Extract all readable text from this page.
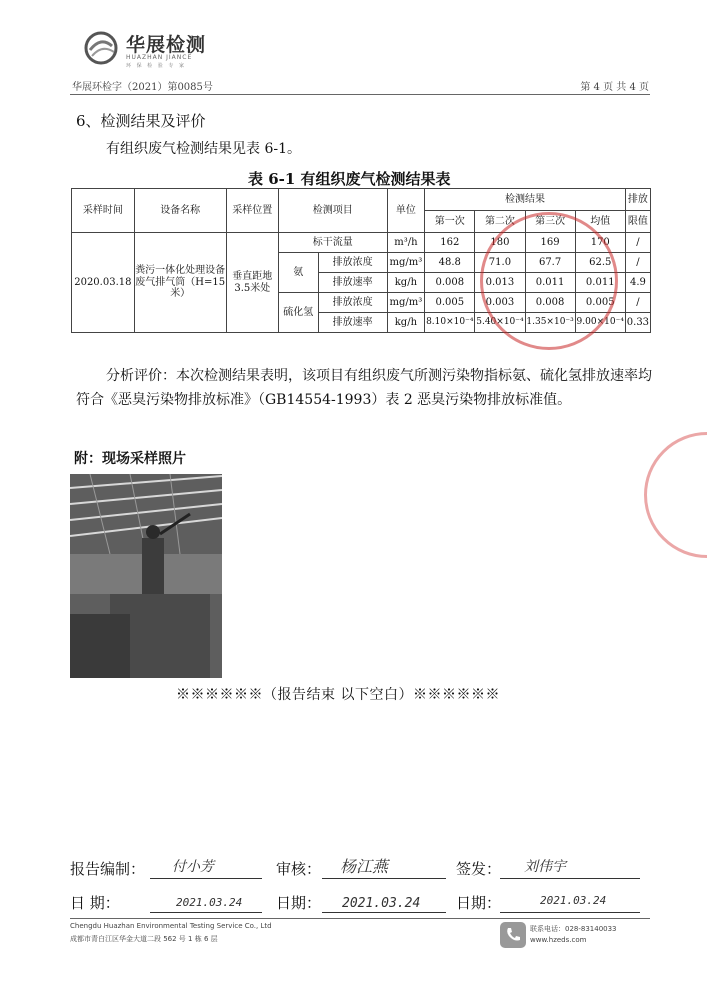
华展检测
HUAZHAN JIANCE
环 保 检 验 专 家
华展环检字（2021）第0085号	第 4 页 共 4 页
6、检测结果及评价
有组织废气检测结果见表 6-1。
表 6-1 有组织废气检测结果表
采样时间	设备名称	采样位置	检测项目		单位	检测结果				排放
						第一次	第二次	第三次	均值	限值
2020.03.18	粪污一体化处理设备废气排气筒（H=15米）	垂直距地3.5米处	标干流量		m³/h	162	180	169	170	/
			氨	排放浓度	mg/m³	48.8	71.0	67.7	62.5	/
				排放速率	kg/h	0.008	0.013	0.011	0.011	4.9
			硫化氢	排放浓度	mg/m³	0.005	0.003	0.008	0.005	/
				排放速率	kg/h	8.10×10⁻⁴	5.40×10⁻⁴	1.35×10⁻³	9.00×10⁻⁴	0.33
分析评价：本次检测结果表明，该项目有组织废气所测污染物指标氨、硫化氢排放速率均符合《恶臭污染物排放标准》（GB14554-1993）表 2 恶臭污染物排放标准值。
附：现场采样照片
※※※※※※（报告结束 以下空白）※※※※※※
报告编制： 付小芳	审核： 杨江燕	签发： 刘伟宇
日 期：	2021.03.24 日期： 2021.03.24 日期：	2021.03.24
Chengdu Huazhan Environmental Testing Service Co., Ltd
成都市青白江区华金大道二段 562 号 1 栋 6 层
联系电话：028-83140033
www.hzeds.com
